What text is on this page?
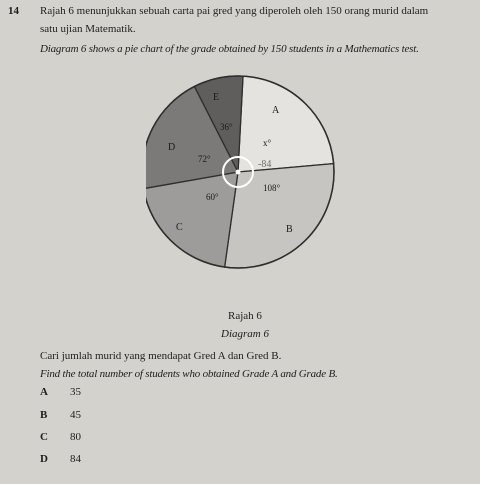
14 Rajah 6 menunjukkan sebuah carta pai gred yang diperoleh oleh 150 orang murid dalam
satu ujian Matematik.
Diagram 6 shows a pie chart of the grade obtained by 150 students in a Mathematics test.
A
B
C
D
E
x°
108°
60°
72°
36°
-84
Rajah 6
Diagram 6
Cari jumlah murid yang mendapat Gred A dan Gred B.
Find the total number of students who obtained Grade A and Grade B.
A 35
B 45
C 80
D 84
